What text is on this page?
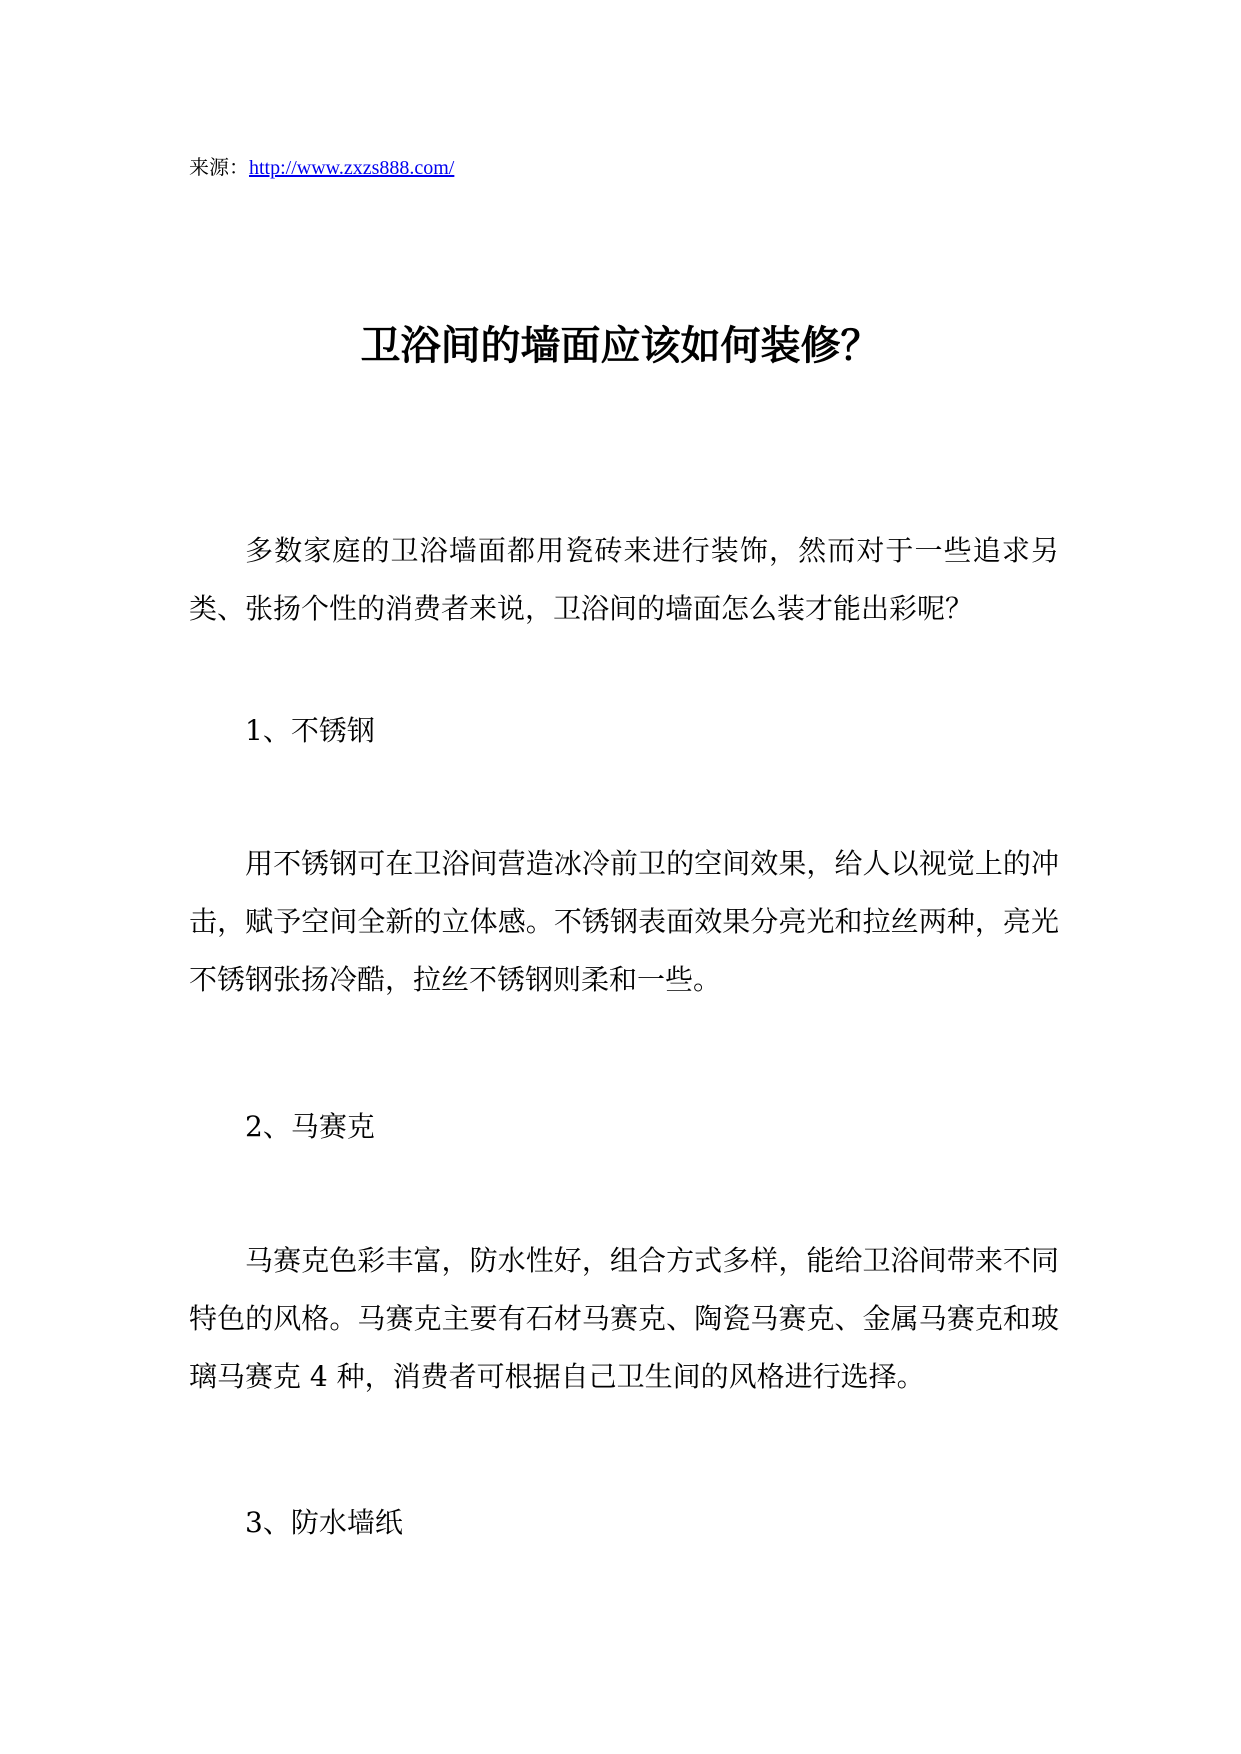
来源：http://www.zxzs888.com/
卫浴间的墙面应该如何装修？

多数家庭的卫浴墙面都用瓷砖来进行装饰，然而对于一些追求另类、张扬个性的消费者来说，卫浴间的墙面怎么装才能出彩呢？

1、不锈钢

用不锈钢可在卫浴间营造冰冷前卫的空间效果，给人以视觉上的冲击，赋予空间全新的立体感。不锈钢表面效果分亮光和拉丝两种，亮光不锈钢张扬冷酷，拉丝不锈钢则柔和一些。

2、马赛克

马赛克色彩丰富，防水性好，组合方式多样，能给卫浴间带来不同特色的风格。马赛克主要有石材马赛克、陶瓷马赛克、金属马赛克和玻璃马赛克 4 种，消费者可根据自己卫生间的风格进行选择。

3、防水墙纸
